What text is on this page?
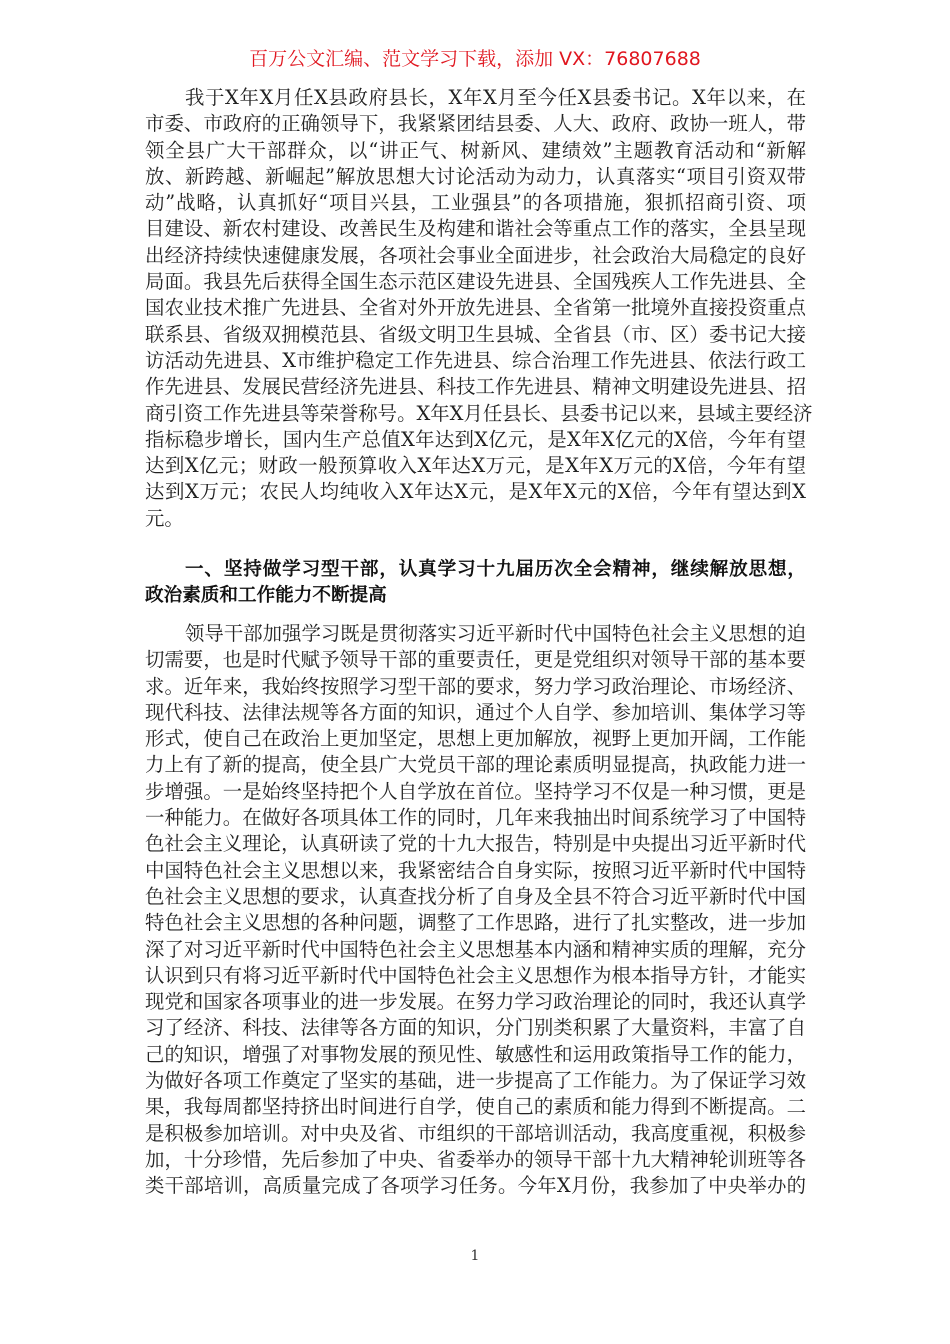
百万公文汇编、范文学习下载，添加 VX：76807688
我于X年X月任X县政府县长，X年X月至今任X县委书记。X年以来，在
市委、市政府的正确领导下，我紧紧团结县委、人大、政府、政协一班人，带
领全县广大干部群众，以“讲正气、树新风、建绩效”主题教育活动和“新解
放、新跨越、新崛起”解放思想大讨论活动为动力，认真落实“项目引资双带
动”战略，认真抓好“项目兴县，工业强县”的各项措施，狠抓招商引资、项
目建设、新农村建设、改善民生及构建和谐社会等重点工作的落实，全县呈现
出经济持续快速健康发展，各项社会事业全面进步，社会政治大局稳定的良好
局面。我县先后获得全国生态示范区建设先进县、全国残疾人工作先进县、全
国农业技术推广先进县、全省对外开放先进县、全省第一批境外直接投资重点
联系县、省级双拥模范县、省级文明卫生县城、全省县（市、区）委书记大接
访活动先进县、X市维护稳定工作先进县、综合治理工作先进县、依法行政工
作先进县、发展民营经济先进县、科技工作先进县、精神文明建设先进县、招
商引资工作先进县等荣誉称号。X年X月任县长、县委书记以来，县域主要经济
指标稳步增长，国内生产总值X年达到X亿元，是X年X亿元的X倍，今年有望
达到X亿元；财政一般预算收入X年达X万元，是X年X万元的X倍，今年有望
达到X万元；农民人均纯收入X年达X元，是X年X元的X倍，今年有望达到X
元。
一、坚持做学习型干部，认真学习十九届历次全会精神，继续解放思想，
政治素质和工作能力不断提高
领导干部加强学习既是贯彻落实习近平新时代中国特色社会主义思想的迫
切需要，也是时代赋予领导干部的重要责任，更是党组织对领导干部的基本要
求。近年来，我始终按照学习型干部的要求，努力学习政治理论、市场经济、
现代科技、法律法规等各方面的知识，通过个人自学、参加培训、集体学习等
形式，使自己在政治上更加坚定，思想上更加解放，视野上更加开阔，工作能
力上有了新的提高，使全县广大党员干部的理论素质明显提高，执政能力进一
步增强。一是始终坚持把个人自学放在首位。坚持学习不仅是一种习惯，更是
一种能力。在做好各项具体工作的同时，几年来我抽出时间系统学习了中国特
色社会主义理论，认真研读了党的十九大报告，特别是中央提出习近平新时代
中国特色社会主义思想以来，我紧密结合自身实际，按照习近平新时代中国特
色社会主义思想的要求，认真查找分析了自身及全县不符合习近平新时代中国
特色社会主义思想的各种问题，调整了工作思路，进行了扎实整改，进一步加
深了对习近平新时代中国特色社会主义思想基本内涵和精神实质的理解，充分
认识到只有将习近平新时代中国特色社会主义思想作为根本指导方针，才能实
现党和国家各项事业的进一步发展。在努力学习政治理论的同时，我还认真学
习了经济、科技、法律等各方面的知识，分门别类积累了大量资料，丰富了自
己的知识，增强了对事物发展的预见性、敏感性和运用政策指导工作的能力，
为做好各项工作奠定了坚实的基础，进一步提高了工作能力。为了保证学习效
果，我每周都坚持挤出时间进行自学，使自己的素质和能力得到不断提高。二
是积极参加培训。对中央及省、市组织的干部培训活动，我高度重视，积极参
加，十分珍惜，先后参加了中央、省委举办的领导干部十九大精神轮训班等各
类干部培训，高质量完成了各项学习任务。今年X月份，我参加了中央举办的
1
